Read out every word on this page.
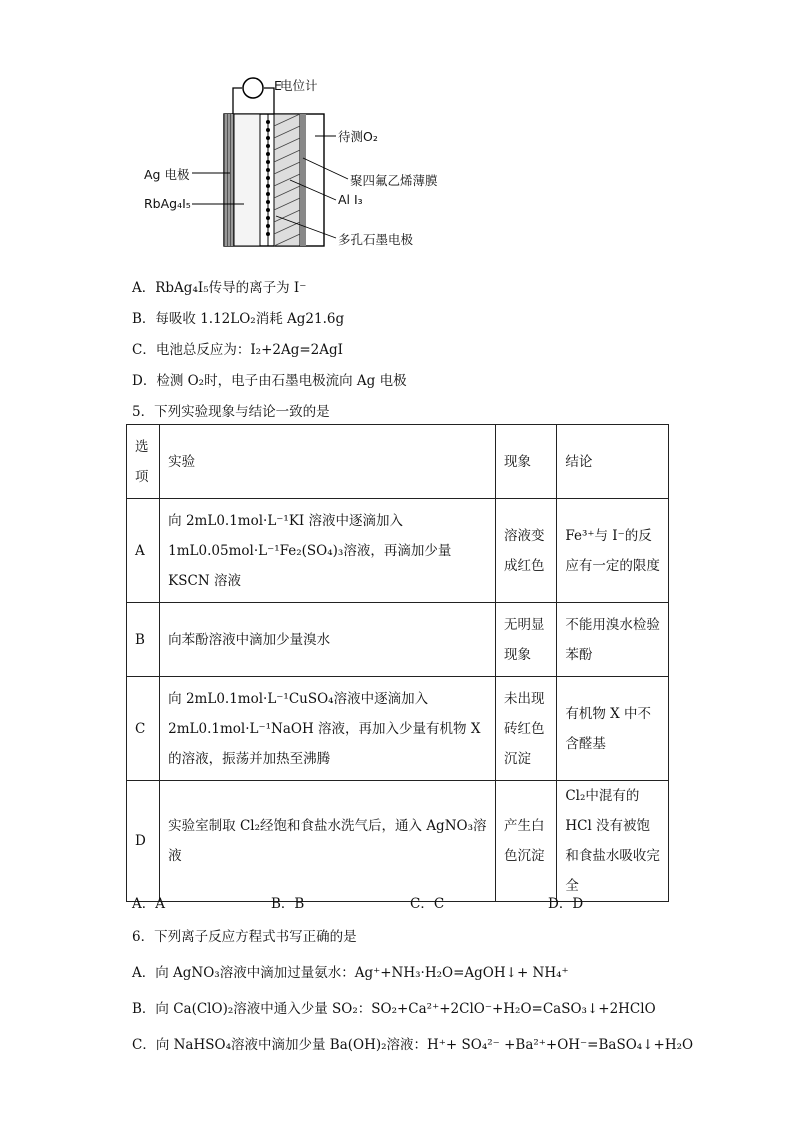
E
电位计
待测O₂
Ag 电极	聚四氟乙烯薄膜
RbAg₄I₅	Al I₃
多孔石墨电极
A．RbAg₄I₅传导的离子为 I⁻
B．每吸收 1.12LO₂消耗 Ag21.6g
C．电池总反应为：I₂+2Ag=2AgI
D．检测 O₂时，电子由石墨电极流向 Ag 电极
5．下列实验现象与结论一致的是
选项	实验	现象	结论
A	向 2mL0.1mol·L⁻¹KI 溶液中逐滴加入 1mL0.05mol·L⁻¹Fe₂(SO₄)₃溶液，再滴加少量 KSCN 溶液	溶液变成红色	Fe³⁺与 I⁻的反应有一定的限度
B	向苯酚溶液中滴加少量溴水	无明显现象	不能用溴水检验苯酚
C	向 2mL0.1mol·L⁻¹CuSO₄溶液中逐滴加入 2mL0.1mol·L⁻¹NaOH 溶液，再加入少量有机物 X 的溶液，振荡并加热至沸腾	未出现砖红色沉淀	有机物 X 中不含醛基
D	实验室制取 Cl₂经饱和食盐水洗气后，通入 AgNO₃溶液	产生白色沉淀	Cl₂中混有的 HCl 没有被饱和食盐水吸收完全
A．A	B．B	C．C	D．D
6．下列离子反应方程式书写正确的是
A．向 AgNO₃溶液中滴加过量氨水：Ag⁺+NH₃·H₂O=AgOH↓+ NH₄⁺
B．向 Ca(ClO)₂溶液中通入少量 SO₂：SO₂+Ca²⁺+2ClO⁻+H₂O=CaSO₃↓+2HClO
C．向 NaHSO₄溶液中滴加少量 Ba(OH)₂溶液：H⁺+ SO₄²⁻ +Ba²⁺+OH⁻=BaSO₄↓+H₂O
